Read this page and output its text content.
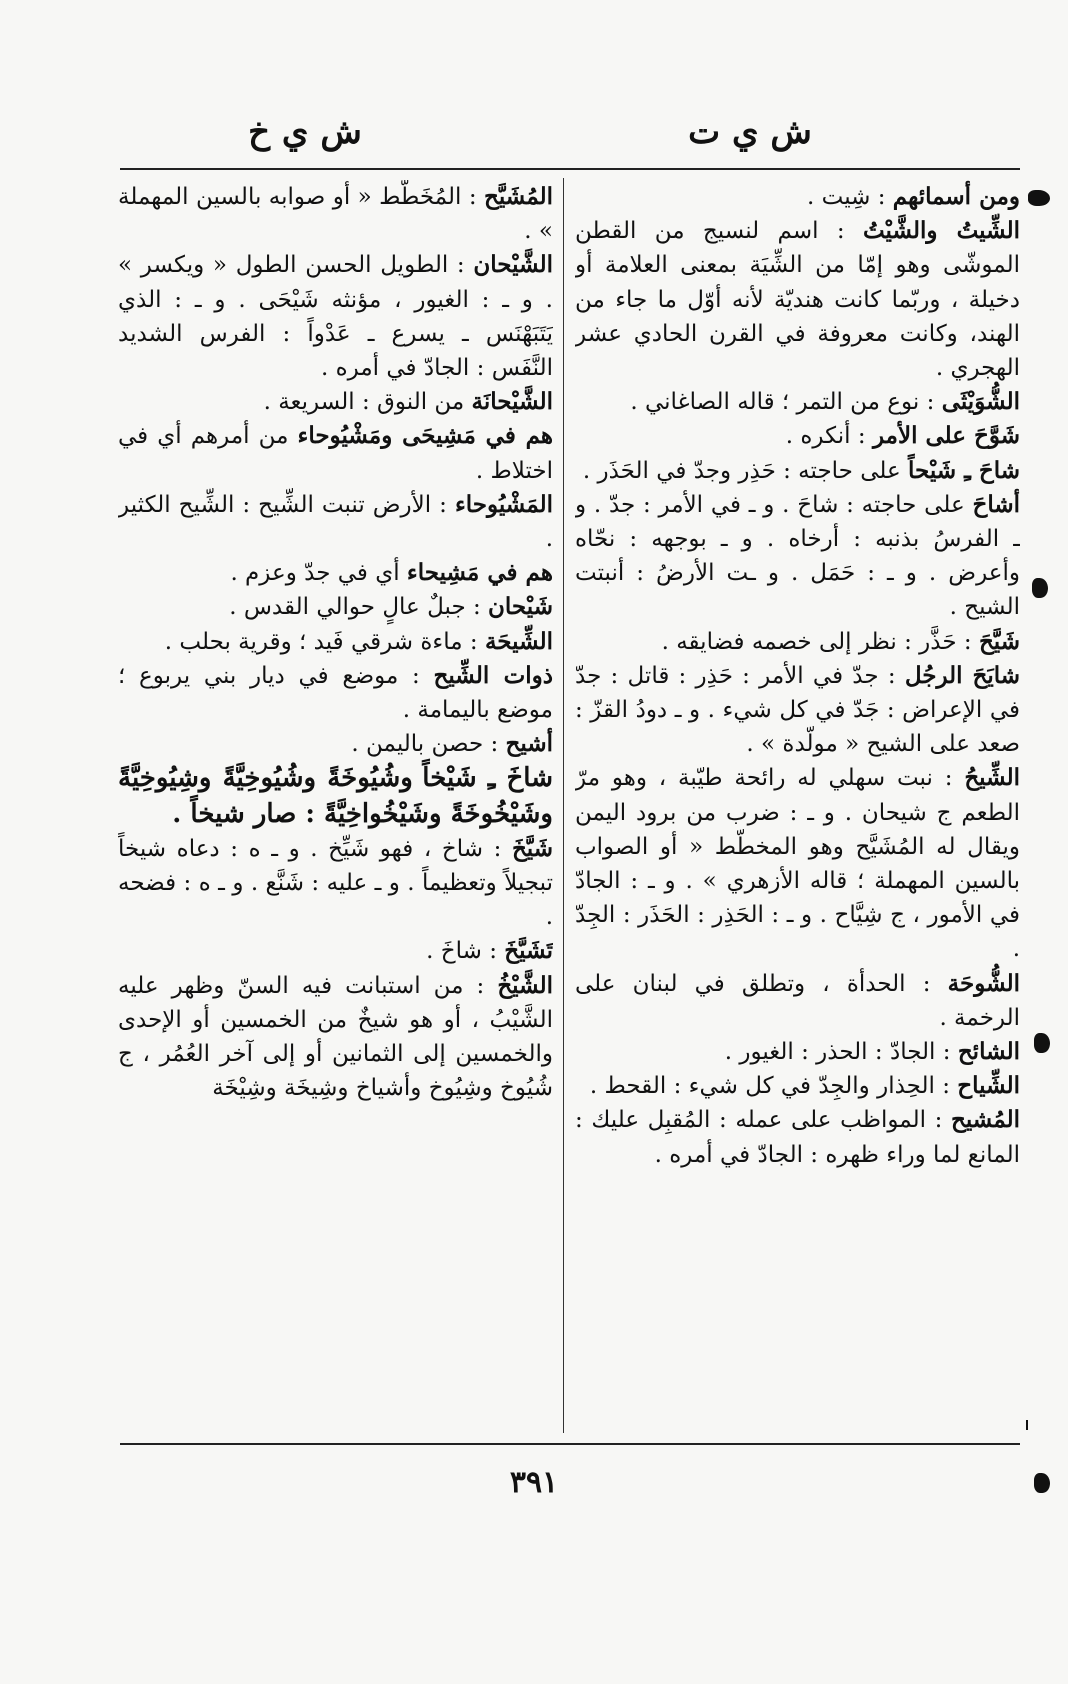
ش ي ت
ش ي خ

ومن أسمائهم : شِيت .

الشِّيتُ والشَّيْتُ : اسم لنسيج من القطن الموشّى وهو إمّا من الشِّيَة بمعنى العلامة أو دخيلة ، وربّما كانت هنديّة لأنه أوّل ما جاء من الهند، وكانت معروفة في القرن الحادي عشر الهجري .

الشُّوَيْثَى : نوع من التمر ؛ قاله الصاغاني .

شَوَّحَ على الأمر : أنكره .

شاحَ ـِ شَيْحاً على حاجته : حَذِر وجدّ في الحَذَر .

أشاحَ على حاجته : شاحَ . و ـ في الأمر : جدّ . و ـ الفرسُ بذنبه : أرخاه . و ـ بوجهه : نحّاه وأعرض . و ـ : حَمَل . و ـت الأرضُ : أنبتت الشيح .

شَيَّحَ : حَذَّر : نظر إلى خصمه فضايقه .

شايَحَ الرجُل : جدّ في الأمر : حَذِر : قاتل : جدّ في الإعراض : جَدّ في كل شيء . و ـ دودُ القزّ : صعد على الشيح « مولّدة » .

الشِّيحُ : نبت سهلي له رائحة طيّبة ، وهو مرّ الطعم ج شيحان . و ـ : ضرب من برود اليمن ويقال له المُشَيَّح وهو المخطّط « أو الصواب بالسين المهملة ؛ قاله الأزهري » . و ـ : الجادّ في الأمور ، ج شِيَّاح . و ـ : الحَذِر : الحَذَر : الجِدّ .

الشُّوحَة : الحدأة ، وتطلق في لبنان على الرخمة .

الشائح : الجادّ : الحذر : الغيور .

الشِّياح : الحِذار والجِدّ في كل شيء : القحط .

المُشيح : المواظب على عمله : المُقبِل عليك : المانع لما وراء ظهره : الجادّ في أمره .

المُشَيَّح : المُخَطَّط « أو صوابه بالسين المهملة » .

الشَّيْحان : الطويل الحسن الطول « ويكسر » . و ـ : الغيور ، مؤنثه شَيْحَى . و ـ : الذي يَتَبَهْنَس ـ يسرع ـ عَدْواً : الفرس الشديد النَّفَس : الجادّ في أمره .

الشَّيْحانَة من النوق : السريعة .

هم في مَشِيحَى ومَشْيُوحاء من أمرهم أي في اختلاط .

المَشْيُوحاء : الأرض تنبت الشِّيح : الشِّيح الكثير .

هم في مَشِيحاء أي في جدّ وعزم .

شَيْحان : جبلٌ عالٍ حوالي القدس .

الشِّيحَة : ماءة شرقي فَيد ؛ وقرية بحلب .

ذوات الشِّيح : موضع في ديار بني يربوع ؛ موضع باليمامة .

أشيح : حصن باليمن .

شاخَ ـِ شَيْخاً وشُيُوخَةً وشُيُوخِيَّةً وشِيُوخِيَّةً وشَيْخُوخَةً وشَيْخُواخِيَّةً : صار شيخاً .

شَيَّخَ : شاخ ، فهو شَيِّخ . و ـ ه : دعاه شيخاً تبجيلاً وتعظيماً . و ـ عليه : شَنَّع . و ـ ه : فضحه .

تَشَيَّخَ : شاخَ .

الشَّيْخُ : من استبانت فيه السنّ وظهر عليه الشَّيْبُ ، أو هو شيخٌ من الخمسين أو الإحدى والخمسين إلى الثمانين أو إلى آخر العُمُر ، ج شُيُوخ وشِيُوخ وأشياخ وشِيخَة وشِيْخَة

٣٩١
